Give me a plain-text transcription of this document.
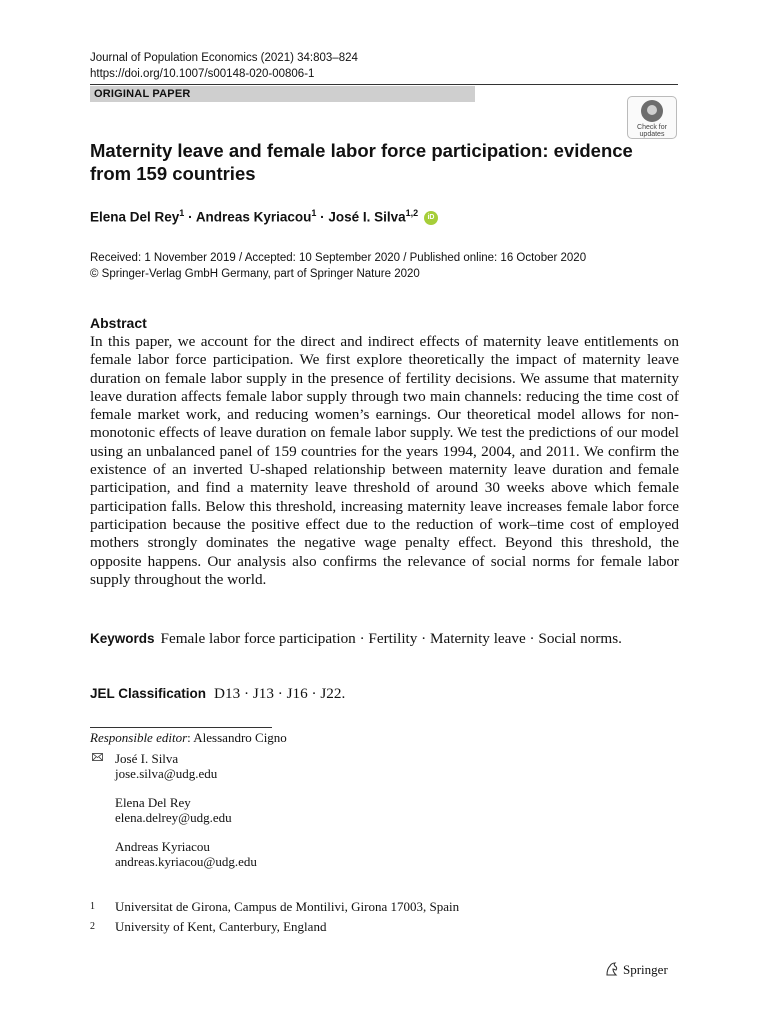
Journal of Population Economics (2021) 34:803–824
https://doi.org/10.1007/s00148-020-00806-1
ORIGINAL PAPER
Check for updates
Maternity leave and female labor force participation: evidence from 159 countries
Elena Del Rey$^1$ · Andreas Kyriacou$^1$ · José I. Silva$^{1,2}$ iD
Received: 1 November 2019 / Accepted: 10 September 2020 / Published online: 16 October 2020
© Springer-Verlag GmbH Germany, part of Springer Nature 2020
Abstract

In this paper, we account for the direct and indirect effects of maternity leave entitlements on female labor force participation. We first explore theoretically the impact of maternity leave duration on female labor supply in the presence of fertility decisions. We assume that maternity leave duration affects female labor supply through two main channels: reducing the time cost of female market work, and reducing women’s earnings. Our theoretical model allows for non-monotonic effects of leave duration on female labor supply. We test the predictions of our model using an unbalanced panel of 159 countries for the years 1994, 2004, and 2011. We confirm the existence of an inverted U-shaped relationship between maternity leave duration and female participation, and find a maternity leave threshold of around 30 weeks above which female participation falls. Below this threshold, increasing maternity leave increases female labor force participation because the positive effect due to the reduction of work–time cost of employed mothers strongly dominates the negative wage penalty effect. Beyond this threshold, the opposite happens. Our analysis also confirms the relevance of social norms for female labor supply throughout the world.

Keywords Female labor force participation · Fertility · Maternity leave · Social norms.
JEL Classification D13 · J13 · J16 · J22.
Responsible editor: Alessandro Cigno
José I. Silva
jose.silva@udg.edu
Elena Del Rey
elena.delrey@udg.edu
Andreas Kyriacou
andreas.kyriacou@udg.edu
1 Universitat de Girona, Campus de Montilivi, Girona 17003, Spain
2 University of Kent, Canterbury, England
Springer
